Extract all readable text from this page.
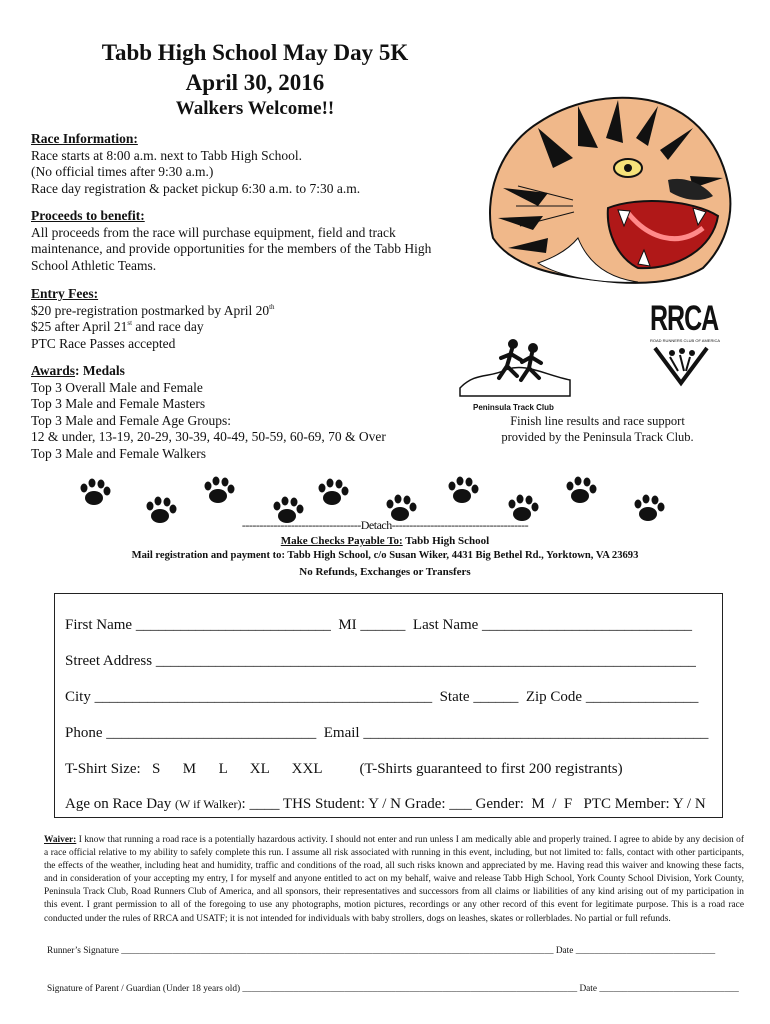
Tabb High School May Day 5K
April 30, 2016
Walkers Welcome!!
Race Information:
Race starts at 8:00 a.m. next to Tabb High School.
(No official times after 9:30 a.m.)
Race day registration & packet pickup 6:30 a.m. to 7:30 a.m.
Proceeds to benefit:
All proceeds from the race will purchase equipment, field and track
maintenance, and provide opportunities for the members of the Tabb High
School Athletic Teams.
Entry Fees:
$20 pre-registration postmarked by April 20th
$25 after April 21st and race day
PTC Race Passes accepted
Awards: Medals
Top 3 Overall Male and Female
Top 3 Male and Female Masters
Top 3 Male and Female Age Groups:
12 & under, 13-19, 20-29, 30-39, 40-49, 50-59, 60-69, 70 & Over
Top 3 Male and Female Walkers
RRCA
ROAD RUNNERS CLUB OF AMERICA
Peninsula Track Club
Finish line results and race support
provided by the Peninsula Track Club.
----------------------------------Detach---------------------------------------
Make Checks Payable To: Tabb High School
Mail registration and payment to: Tabb High School, c/o Susan Wiker, 4431 Big Bethel Rd., Yorktown, VA 23693
No Refunds, Exchanges or Transfers
First Name __________________________  MI ______  Last Name ____________________________
Street Address ________________________________________________________________________
City _____________________________________________  State ______  Zip Code _______________
Phone ____________________________  Email ______________________________________________
T-Shirt Size:   S      M      L      XL      XXL          (T-Shirts guaranteed to first 200 registrants)
Age on Race Day (W if Walker): ____ THS Student: Y / N Grade: ___ Gender:  M  /  F   PTC Member: Y / N
Waiver: I know that running a road race is a potentially hazardous activity. I should not enter and run unless I am medically able and properly trained. I agree to abide by any decision of a race official relative to my ability to safely complete this run. I assume all risk associated with running in this event, including, but not limited to: falls, contact with other participants, the effects of the weather, including heat and humidity, traffic and conditions of the road, all such risks known and appreciated by me. Having read this waiver and knowing these facts, and in consideration of your accepting my entry, I for myself and anyone entitled to act on my behalf, waive and release Tabb High School, York County School Division, York County, Peninsula Track Club, Road Runners Club of America, and all sponsors, their representatives and successors from all claims or liabilities of any kind arising out of my participation in this event. I grant permission to all of the foregoing to use any photographs, motion pictures, recordings or any other record of this event for legitimate purpose. This is a road race conducted under the rules of RRCA and USATF; it is not intended for individuals with baby strollers, dogs on leashes, skates or rollerblades. No partial or full refunds.
Runner’s Signature _____________________________________________________________________________________________ Date ______________________________
Signature of Parent / Guardian (Under 18 years old) ________________________________________________________________________ Date ______________________________
